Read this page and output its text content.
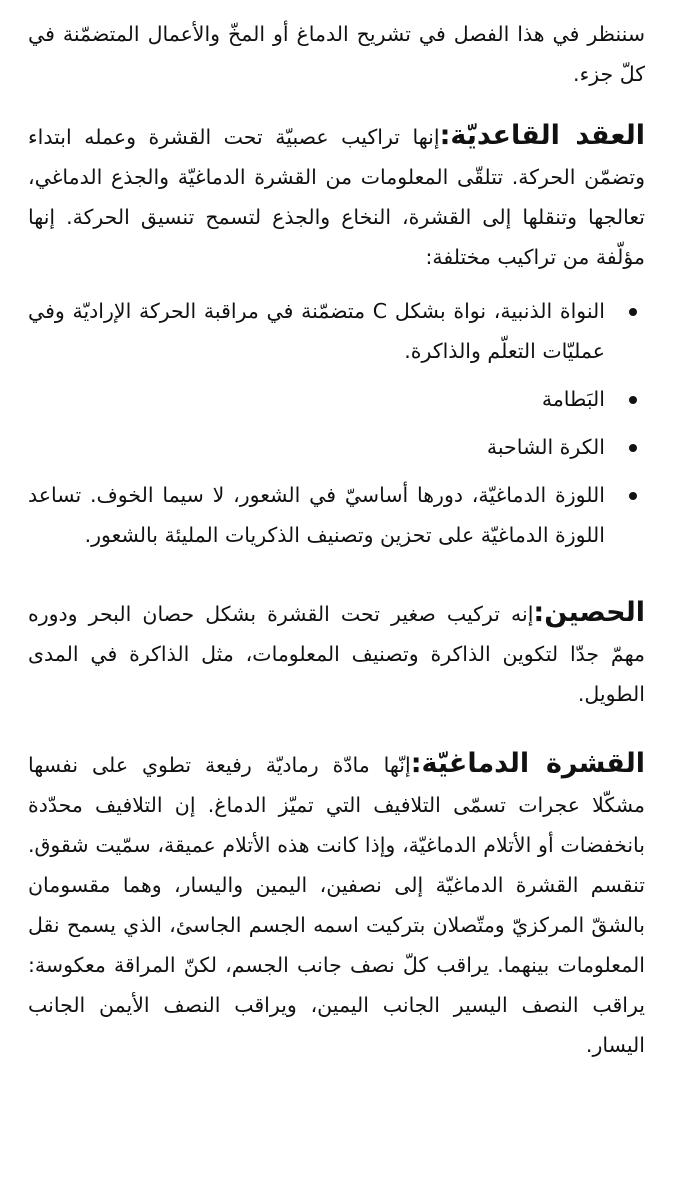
سننظر في هذا الفصل في تشريح الدماغ أو المخّ والأعمال المتضمّنة في كلّ جزء.

العقد القاعديّة:إنها تراكيب عصبيّة تحت القشرة وعمله ابتداء وتضمّن الحركة. تتلقّى المعلومات من القشرة الدماغيّة والجذع الدماغي، تعالجها وتنقلها إلى القشرة، النخاع والجذع لتسمح تنسيق الحركة. إنها مؤلّفة من تراكيب مختلفة:

النواة الذنبية، نواة بشكل C متضمّنة في مراقبة الحركة الإراديّة وفي عمليّات التعلّم والذاكرة.
البَطامة
الكرة الشاحبة
اللوزة الدماغيّة، دورها أساسيّ في الشعور، لا سيما الخوف. تساعد اللوزة الدماغيّة على تحزين وتصنيف الذكريات المليئة بالشعور.

الحصين:إنه تركيب صغير تحت القشرة بشكل حصان البحر ودوره مهمّ جدّا لتكوين الذاكرة وتصنيف المعلومات، مثل الذاكرة في المدى الطويل.

القشرة الدماغيّة:إنّها مادّة رماديّة رفيعة تطوي على نفسها مشكّلا عجرات تسمّى التلافيف التي تميّز الدماغ. إن التلافيف محدّدة بانخفضات أو الأتلام الدماغيّة، وإذا كانت هذه الأتلام عميقة، سمّيت شقوق. تنقسم القشرة الدماغيّة إلى نصفين، اليمين واليسار، وهما مقسومان بالشقّ المركزيّ ومتّصلان بتركيت اسمه الجسم الجاسئ، الذي يسمح نقل المعلومات بينهما. يراقب كلّ نصف جانب الجسم، لكنّ المراقة معكوسة: يراقب النصف اليسير الجانب اليمين، ويراقب النصف الأيمن الجانب اليسار.
